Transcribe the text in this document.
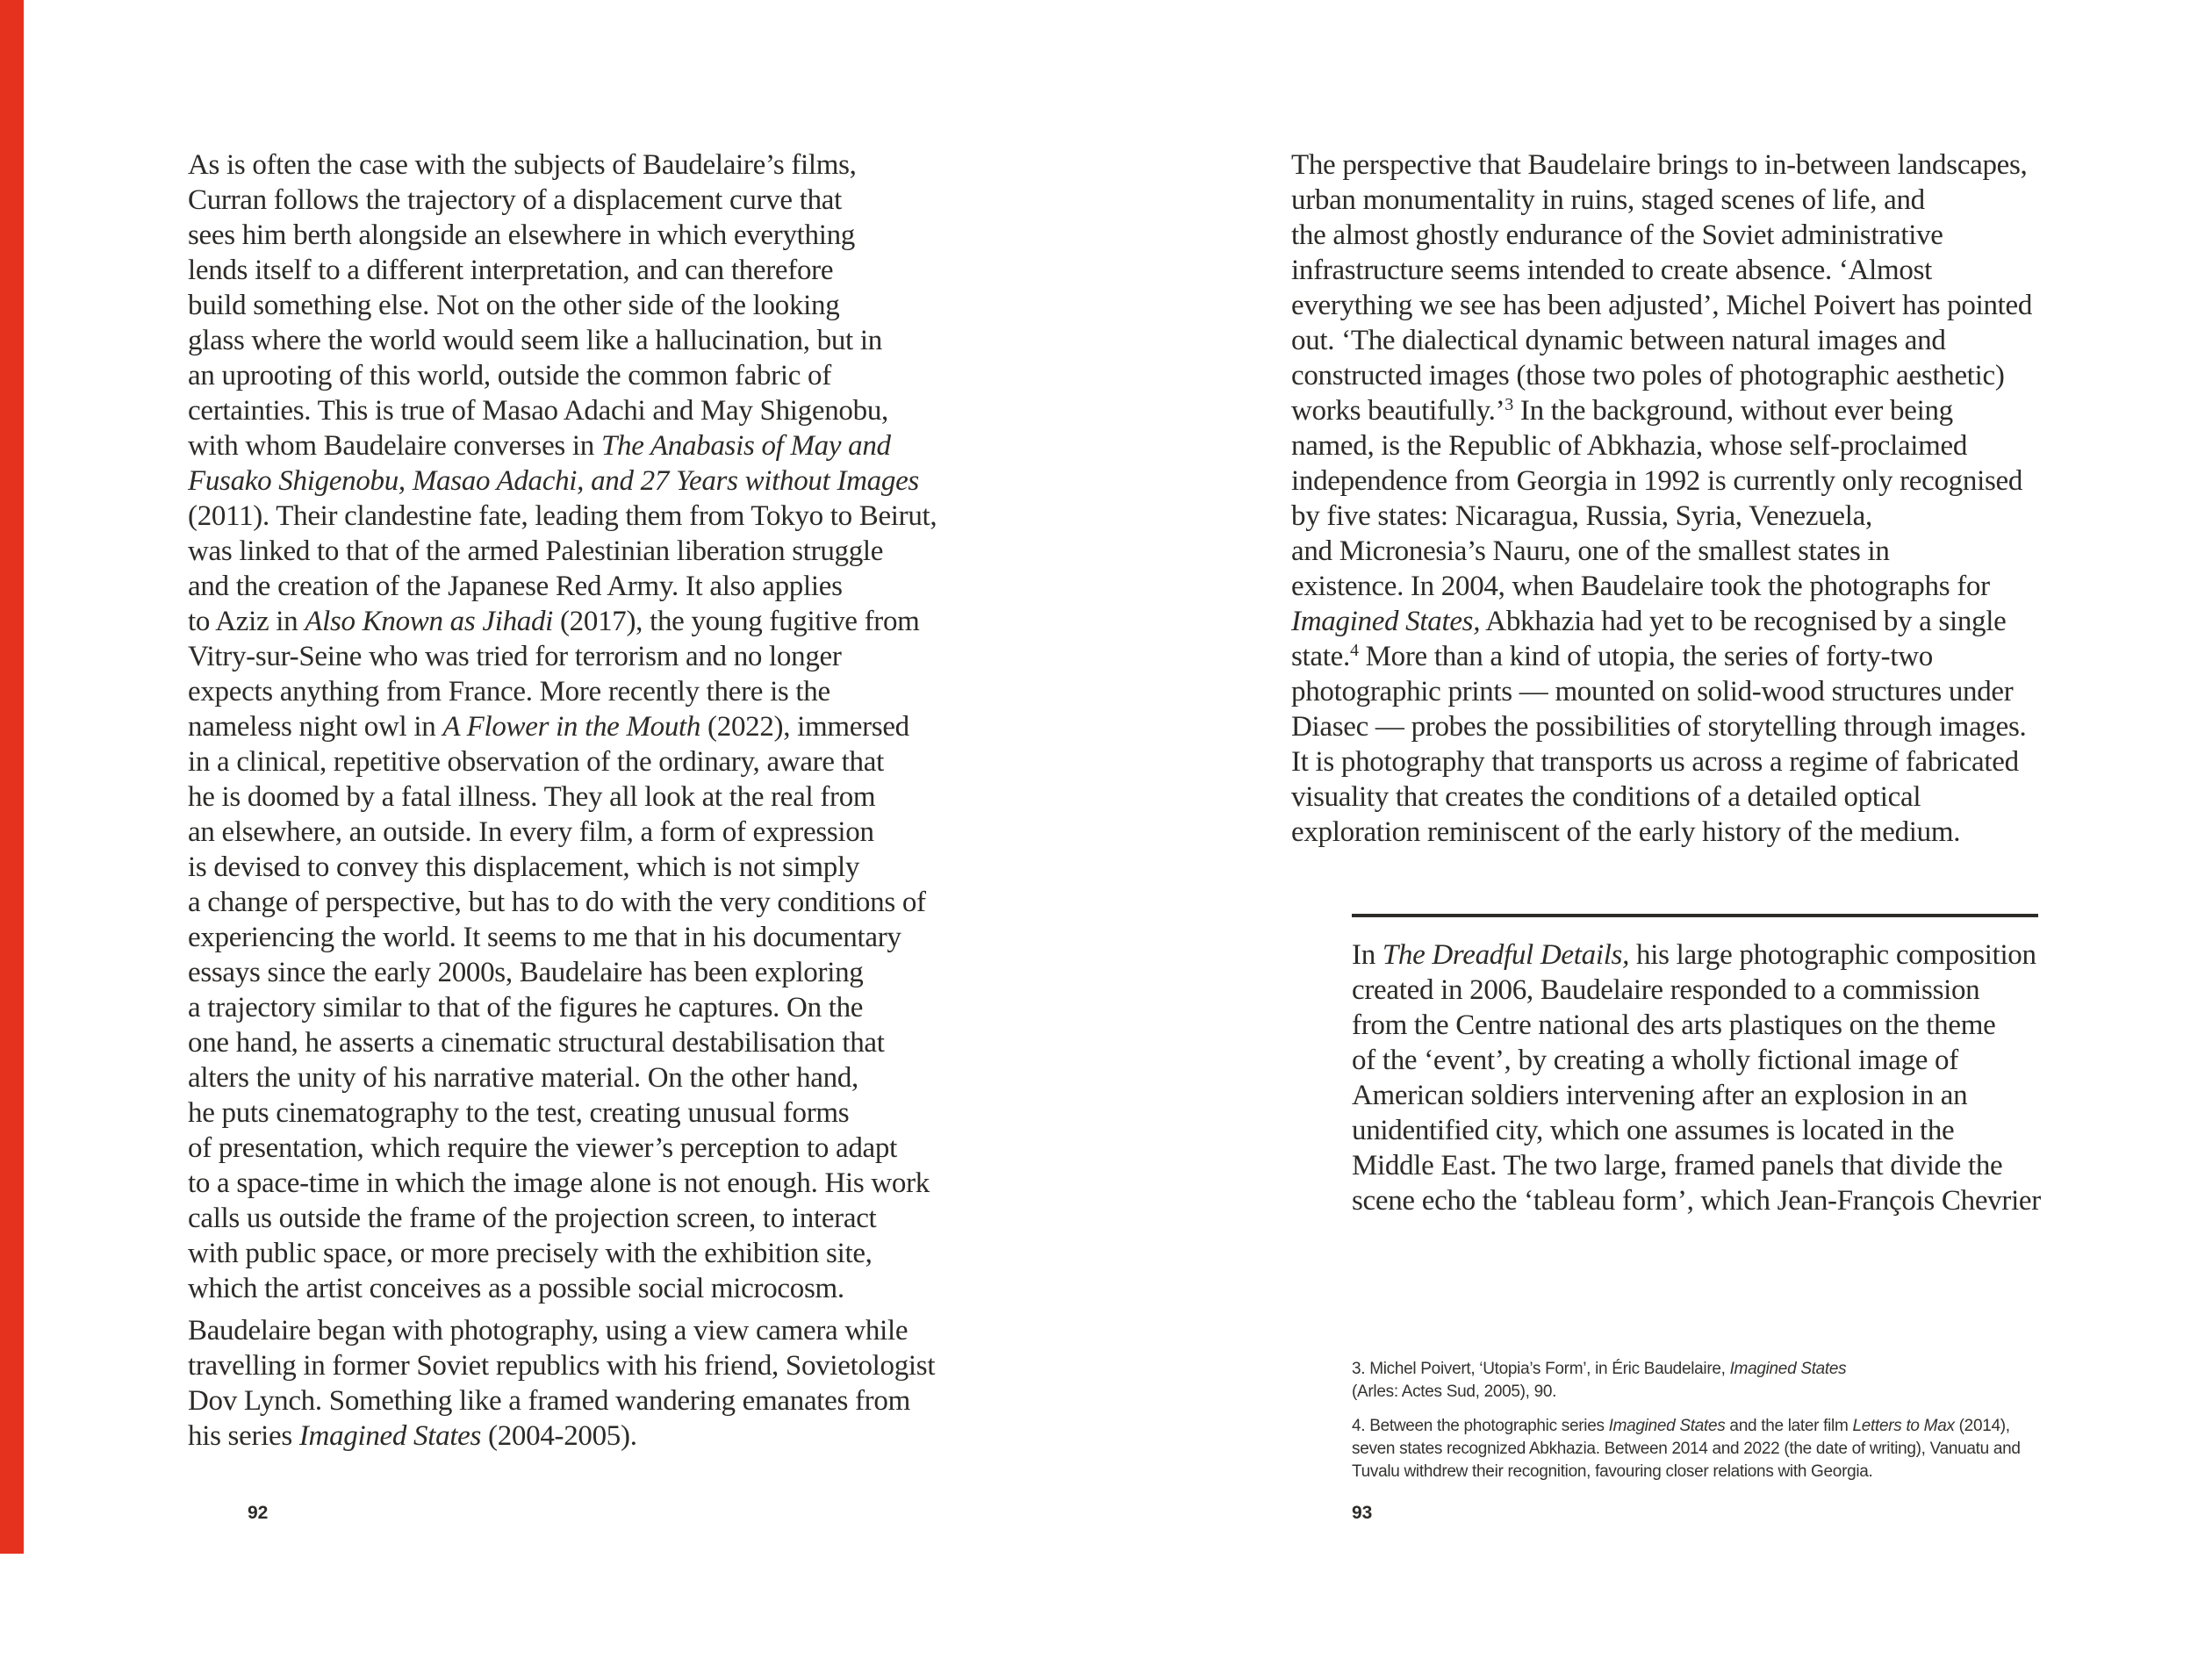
As is often the case with the subjects of Baudelaire’s films,
Curran follows the trajectory of a displacement curve that
sees him berth alongside an elsewhere in which everything
lends itself to a different interpretation, and can therefore
build something else. Not on the other side of the looking
glass where the world would seem like a hallucination, but in
an uprooting of this world, outside the common fabric of
certainties. This is true of Masao Adachi and May Shigenobu,
with whom Baudelaire converses in The Anabasis of May and
Fusako Shigenobu, Masao Adachi, and 27 Years without Images
(2011). Their clandestine fate, leading them from Tokyo to Beirut,
was linked to that of the armed Palestinian liberation struggle
and the creation of the Japanese Red Army. It also applies
to Aziz in Also Known as Jihadi (2017), the young fugitive from
Vitry-sur-Seine who was tried for terrorism and no longer
expects anything from France. More recently there is the
nameless night owl in A Flower in the Mouth (2022), immersed
in a clinical, repetitive observation of the ordinary, aware that
he is doomed by a fatal illness. They all look at the real from
an elsewhere, an outside. In every film, a form of expression
is devised to convey this displacement, which is not simply
a change of perspective, but has to do with the very conditions of
experiencing the world. It seems to me that in his documentary
essays since the early 2000s, Baudelaire has been exploring
a trajectory similar to that of the figures he captures. On the
one hand, he asserts a cinematic structural destabilisation that
alters the unity of his narrative material. On the other hand,
he puts cinematography to the test, creating unusual forms
of presentation, which require the viewer’s perception to adapt
to a space-time in which the image alone is not enough. His work
calls us outside the frame of the projection screen, to interact
with public space, or more precisely with the exhibition site,
which the artist conceives as a possible social microcosm.
Baudelaire began with photography, using a view camera while
travelling in former Soviet republics with his friend, Sovietologist
Dov Lynch. Something like a framed wandering emanates from
his series Imagined States (2004-2005).
92
The perspective that Baudelaire brings to in-between landscapes,
urban monumentality in ruins, staged scenes of life, and
the almost ghostly endurance of the Soviet administrative
infrastructure seems intended to create absence. ‘Almost
everything we see has been adjusted’, Michel Poivert has pointed
out. ‘The dialectical dynamic between natural images and
constructed images (those two poles of photographic aesthetic)
works beautifully.’$^3$ In the background, without ever being
named, is the Republic of Abkhazia, whose self-proclaimed
independence from Georgia in 1992 is currently only recognised
by five states: Nicaragua, Russia, Syria, Venezuela,
and Micronesia’s Nauru, one of the smallest states in
existence. In 2004, when Baudelaire took the photographs for
Imagined States, Abkhazia had yet to be recognised by a single
state.$^4$ More than a kind of utopia, the series of forty-two
photographic prints — mounted on solid-wood structures under
Diasec — probes the possibilities of storytelling through images.
It is photography that transports us across a regime of fabricated
visuality that creates the conditions of a detailed optical
exploration reminiscent of the early history of the medium.
In The Dreadful Details, his large photographic composition
created in 2006, Baudelaire responded to a commission
from the Centre national des arts plastiques on the theme
of the ‘event’, by creating a wholly fictional image of
American soldiers intervening after an explosion in an
unidentified city, which one assumes is located in the
Middle East. The two large, framed panels that divide the
scene echo the ‘tableau form’, which Jean-François Chevrier
3. Michel Poivert, ‘Utopia’s Form’, in Éric Baudelaire, Imagined States
(Arles: Actes Sud, 2005), 90.
4. Between the photographic series Imagined States and the later film Letters to Max (2014),
seven states recognized Abkhazia. Between 2014 and 2022 (the date of writing), Vanuatu and
Tuvalu withdrew their recognition, favouring closer relations with Georgia.
93
